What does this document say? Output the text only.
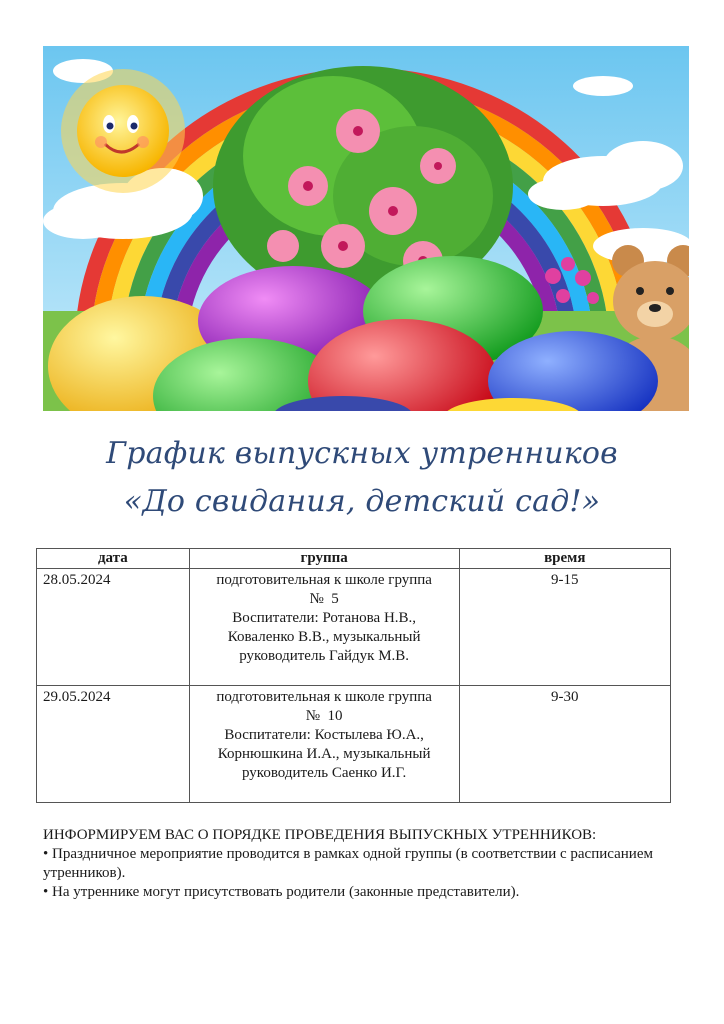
График выпускных утренников
«До свидания, детский сад!»
дата	группа	время
28.05.2024	подготовительная к школе группа
№  5
Воспитатели: Ротанова Н.В.,
Коваленко В.В., музыкальный
руководитель Гайдук М.В.	9-15
29.05.2024	подготовительная к школе группа
№  10
Воспитатели: Костылева Ю.А.,
Корнюшкина И.А., музыкальный
руководитель Саенко И.Г.	9-30

ИНФОРМИРУЕМ ВАС О ПОРЯДКЕ ПРОВЕДЕНИЯ ВЫПУСКНЫХ УТРЕННИКОВ:

• Праздничное мероприятие проводится в рамках одной группы (в соответствии с расписанием утренников).

• На утреннике могут присутствовать родители (законные представители).
